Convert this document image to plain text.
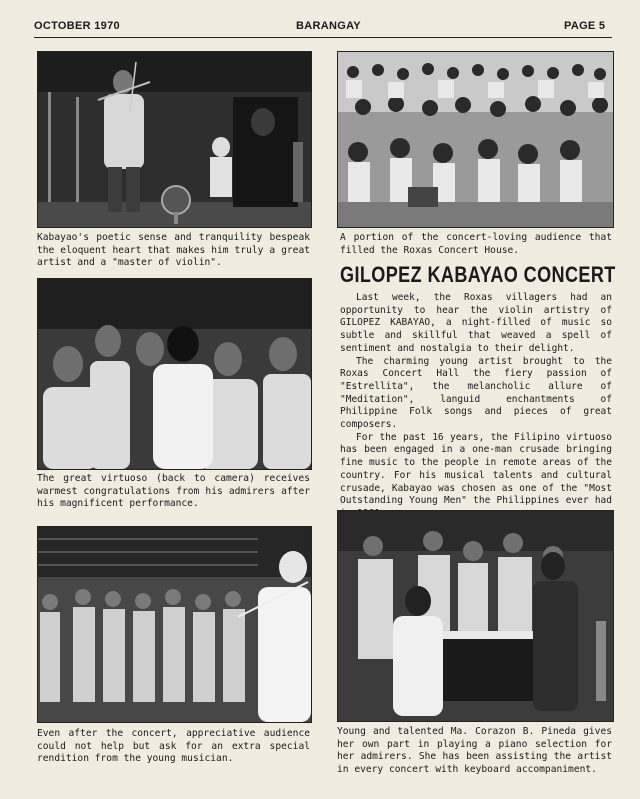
OCTOBER 1970	BARANGAY	PAGE 5
Kabayao's poetic sense and tranquility bespeak the eloquent heart that makes him truly a great artist and a "master of violin".
A portion of the concert-loving audience that filled the Roxas Concert House.
GILOPEZ KABAYAO CONCERT

Last week, the Roxas villagers had an opportunity to hear the violin artistry of GILOPEZ KABAYAO, a night-filled of music so subtle and skillful that weaved a spell of sentiment and nostalgia to their delight.

The charming young artist brought to the Roxas Concert Hall the fiery passion of "Estrellita", the melancholic allure of "Meditation", languid enchantments of Philippine Folk songs and pieces of great composers.

For the past 16 years, the Filipino virtuoso has been engaged in a one-man crusade bringing fine music to the people in remote areas of the country. For his musical talents and cultural crusade, Kabayao was chosen as one of the "Most Outstanding Young Men" the Philippines ever had

The great virtuoso (back to camera) receives warmest congratulations from his admirers after his magnificent performance.
Even after the concert, appreciative audience could not help but ask for an extra special rendition from the young musician.
Young and talented Ma. Corazon B. Pineda gives her own part in playing a piano selection for her admirers. She has been assisting the artist in every concert with keyboard accompaniment.
